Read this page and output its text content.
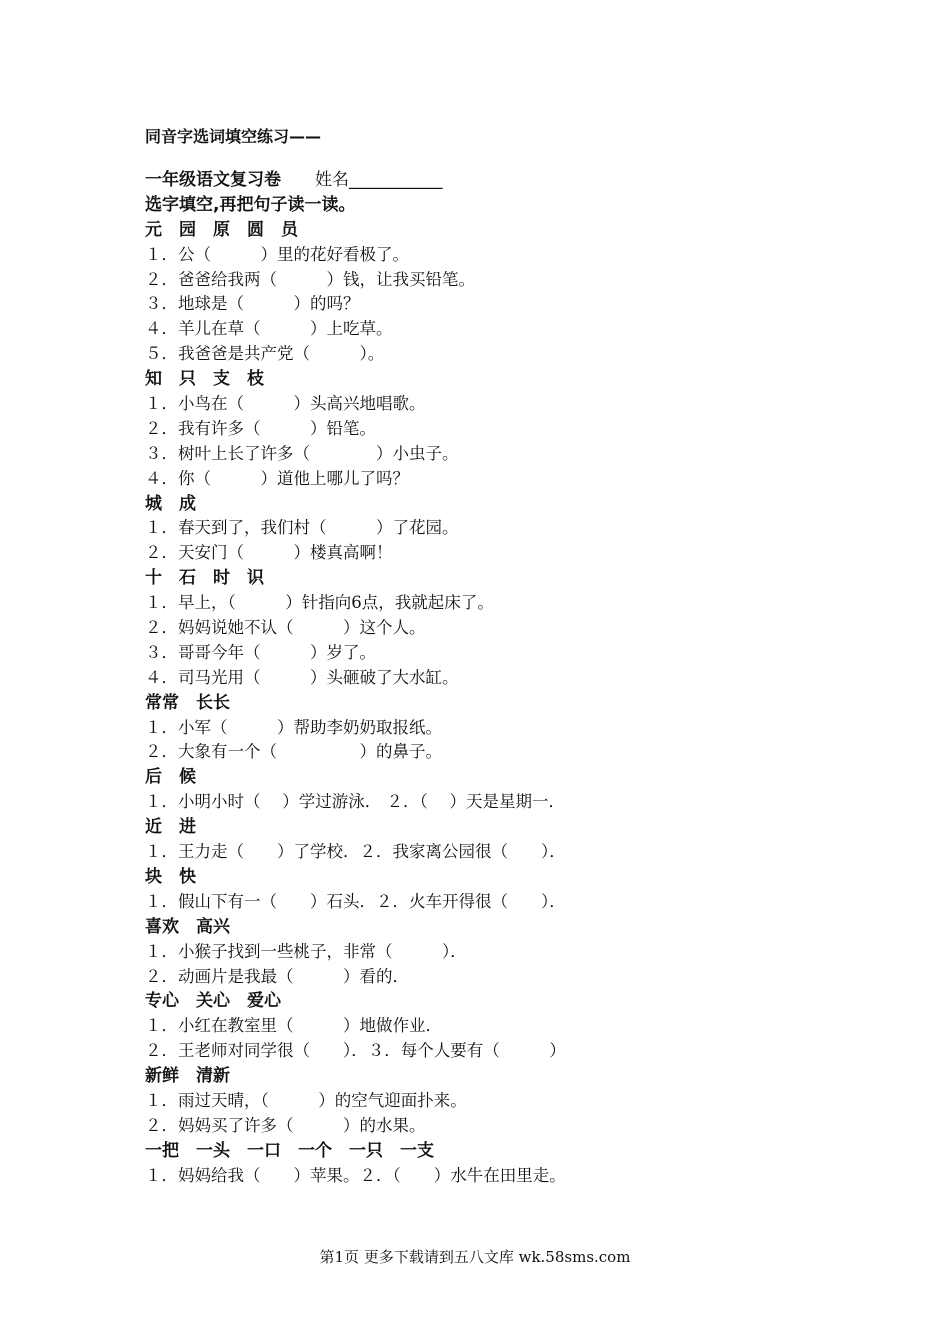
同音字选词填空练习——
一年级语文复习卷　　 姓名___________
选字填空,再把句子读一读。
元　园　原　圆　员
１．公（　　　）里的花好看极了。
２．爸爸给我两（　　　）钱，让我买铅笔。
３．地球是（　　　）的吗？
４．羊儿在草（　　　）上吃草。
５．我爸爸是共产党（　　　）。
知　只　支　枝
１．小鸟在（　　　）头高兴地唱歌。
２．我有许多（　　　）铅笔。
３．树叶上长了许多（　　　　）小虫子。
４．你（　　　）道他上哪儿了吗？
城　成
１．春天到了，我们村（　　　）了花园。
２．天安门（　　　）楼真高啊！
十　石　时　识
１．早上，（　　　）针指向6点，我就起床了。
２．妈妈说她不认（　　　）这个人。
３．哥哥今年（　　　）岁了。
４．司马光用（　　　）头砸破了大水缸。
常常　长长
１．小军（　　　）帮助李奶奶取报纸。
２．大象有一个（　　　　　）的鼻子。
后　候
１．小明小时（　 ）学过游泳． ２．（　 ）天是星期一．
近　进
１．王力走（　　）了学校．２．我家离公园很（　　）．
块　快
１．假山下有一（　　）石头．２．火车开得很（　　）．
喜欢　高兴
１．小猴子找到一些桃子，非常（　　　）．
２．动画片是我最（　　　）看的．
专心　关心　爱心
１．小红在教室里（　　　）地做作业．
２．王老师对同学很（　　）．３．每个人要有（　　　）
新鲜　清新
１．雨过天晴，（　　　）的空气迎面扑来。
２．妈妈买了许多（　　　）的水果。
一把　一头　一口　一个　一只　一支
１．妈妈给我（　　）苹果。２．（　　）水牛在田里走。
第1页 更多下载请到五八文库 wk.58sms.com
